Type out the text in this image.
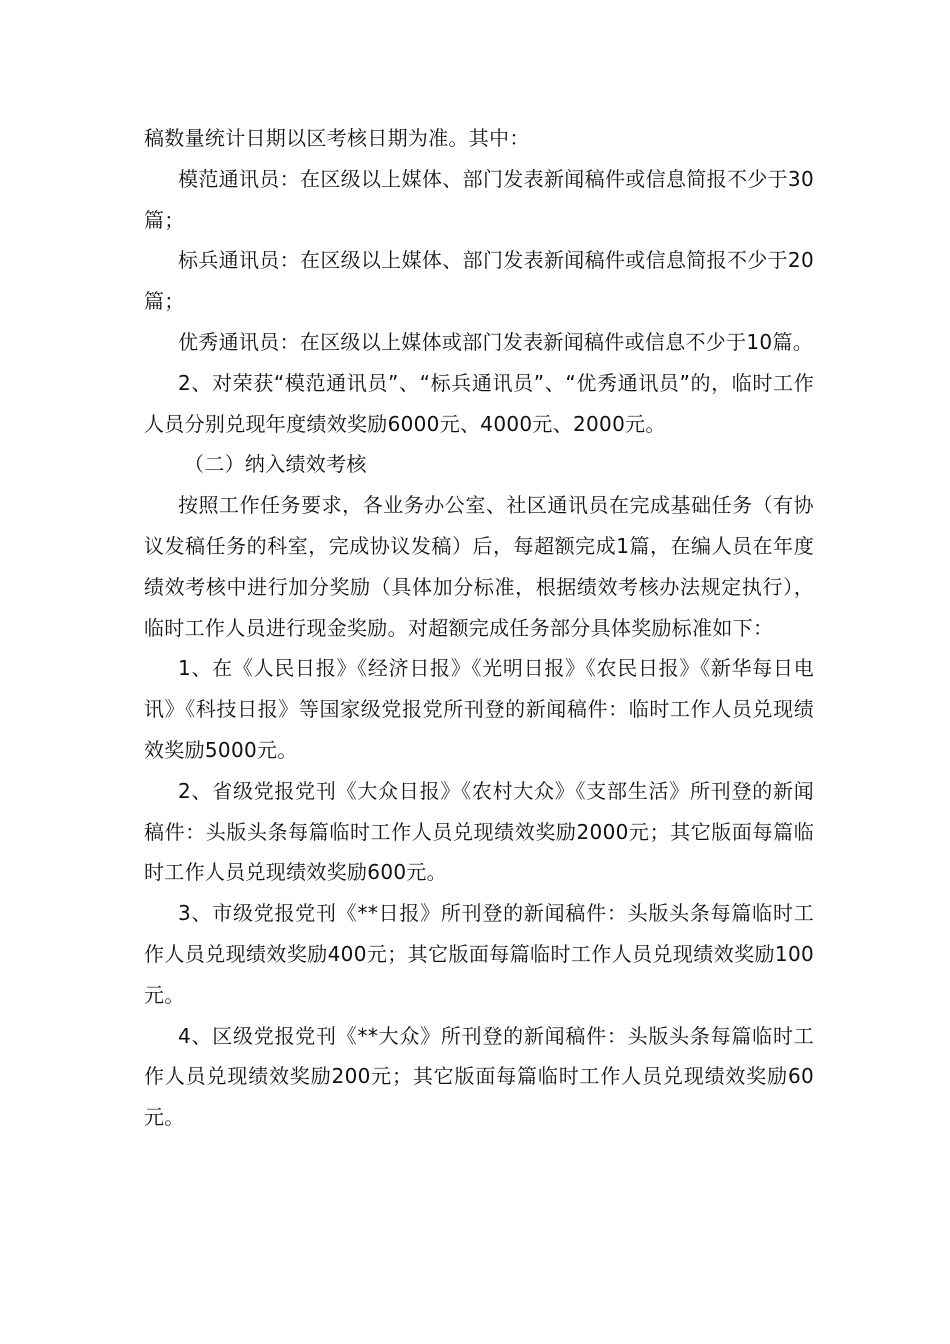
稿数量统计日期以区考核日期为准。其中：

模范通讯员：在区级以上媒体、部门发表新闻稿件或信息简报不少于30篇；

标兵通讯员：在区级以上媒体、部门发表新闻稿件或信息简报不少于20篇；

优秀通讯员：在区级以上媒体或部门发表新闻稿件或信息不少于10篇。

2、对荣获“模范通讯员”、“标兵通讯员”、“优秀通讯员”的，临时工作人员分别兑现年度绩效奖励6000元、4000元、2000元。

（二）纳入绩效考核

按照工作任务要求，各业务办公室、社区通讯员在完成基础任务（有协议发稿任务的科室，完成协议发稿）后，每超额完成1篇，在编人员在年度绩效考核中进行加分奖励（具体加分标准，根据绩效考核办法规定执行），临时工作人员进行现金奖励。对超额完成任务部分具体奖励标准如下：

1、在《人民日报》《经济日报》《光明日报》《农民日报》《新华每日电讯》《科技日报》等国家级党报党所刊登的新闻稿件：临时工作人员兑现绩效奖励5000元。

2、省级党报党刊《大众日报》《农村大众》《支部生活》所刊登的新闻稿件：头版头条每篇临时工作人员兑现绩效奖励2000元；其它版面每篇临时工作人员兑现绩效奖励600元。

3、市级党报党刊《**日报》所刊登的新闻稿件：头版头条每篇临时工作人员兑现绩效奖励400元；其它版面每篇临时工作人员兑现绩效奖励100元。

4、区级党报党刊《**大众》所刊登的新闻稿件：头版头条每篇临时工作人员兑现绩效奖励200元；其它版面每篇临时工作人员兑现绩效奖励60元。
